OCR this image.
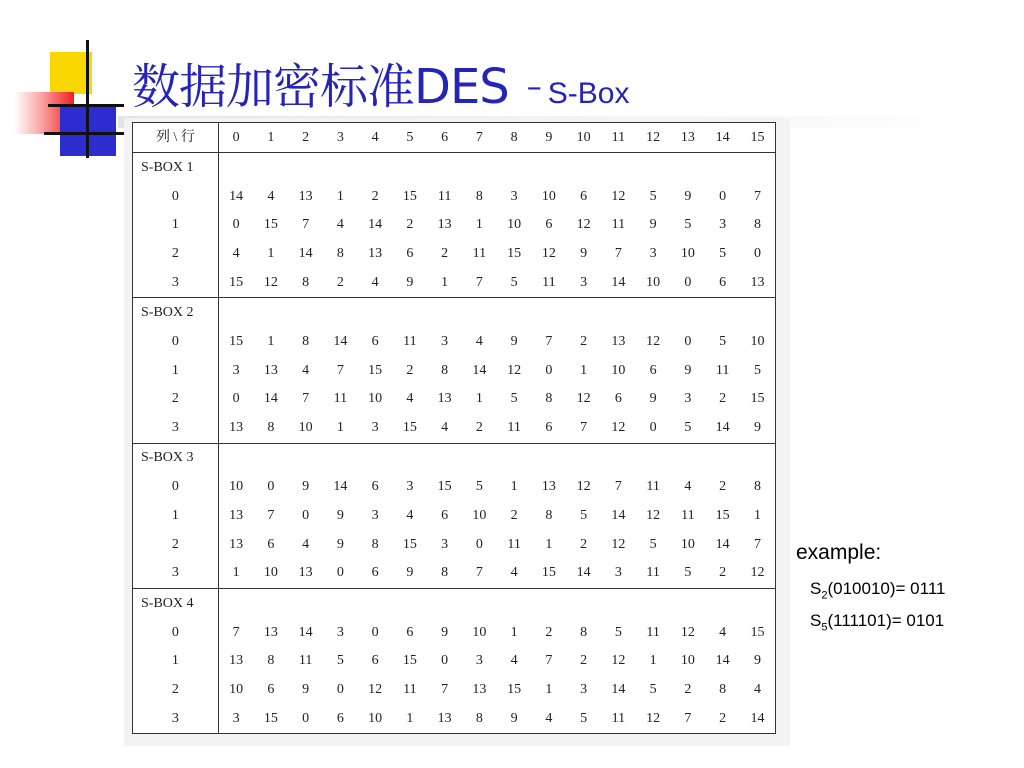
数据加密标准DES – S-Box
列 \ 行	0	1	2	3	4	5	6	7	8	9	10	11	12	13	14	15
S-BOX 1																
0	14	4	13	1	2	15	11	8	3	10	6	12	5	9	0	7
1	0	15	7	4	14	2	13	1	10	6	12	11	9	5	3	8
2	4	1	14	8	13	6	2	11	15	12	9	7	3	10	5	0
3	15	12	8	2	4	9	1	7	5	11	3	14	10	0	6	13
S-BOX 2																
0	15	1	8	14	6	11	3	4	9	7	2	13	12	0	5	10
1	3	13	4	7	15	2	8	14	12	0	1	10	6	9	11	5
2	0	14	7	11	10	4	13	1	5	8	12	6	9	3	2	15
3	13	8	10	1	3	15	4	2	11	6	7	12	0	5	14	9
S-BOX 3																
0	10	0	9	14	6	3	15	5	1	13	12	7	11	4	2	8
1	13	7	0	9	3	4	6	10	2	8	5	14	12	11	15	1
2	13	6	4	9	8	15	3	0	11	1	2	12	5	10	14	7
3	1	10	13	0	6	9	8	7	4	15	14	3	11	5	2	12
S-BOX 4																
0	7	13	14	3	0	6	9	10	1	2	8	5	11	12	4	15
1	13	8	11	5	6	15	0	3	4	7	2	12	1	10	14	9
2	10	6	9	0	12	11	7	13	15	1	3	14	5	2	8	4
3	3	15	0	6	10	1	13	8	9	4	5	11	12	7	2	14
example:
$S_2(010010)= 0111$
$S_5(111101)= 0101$
